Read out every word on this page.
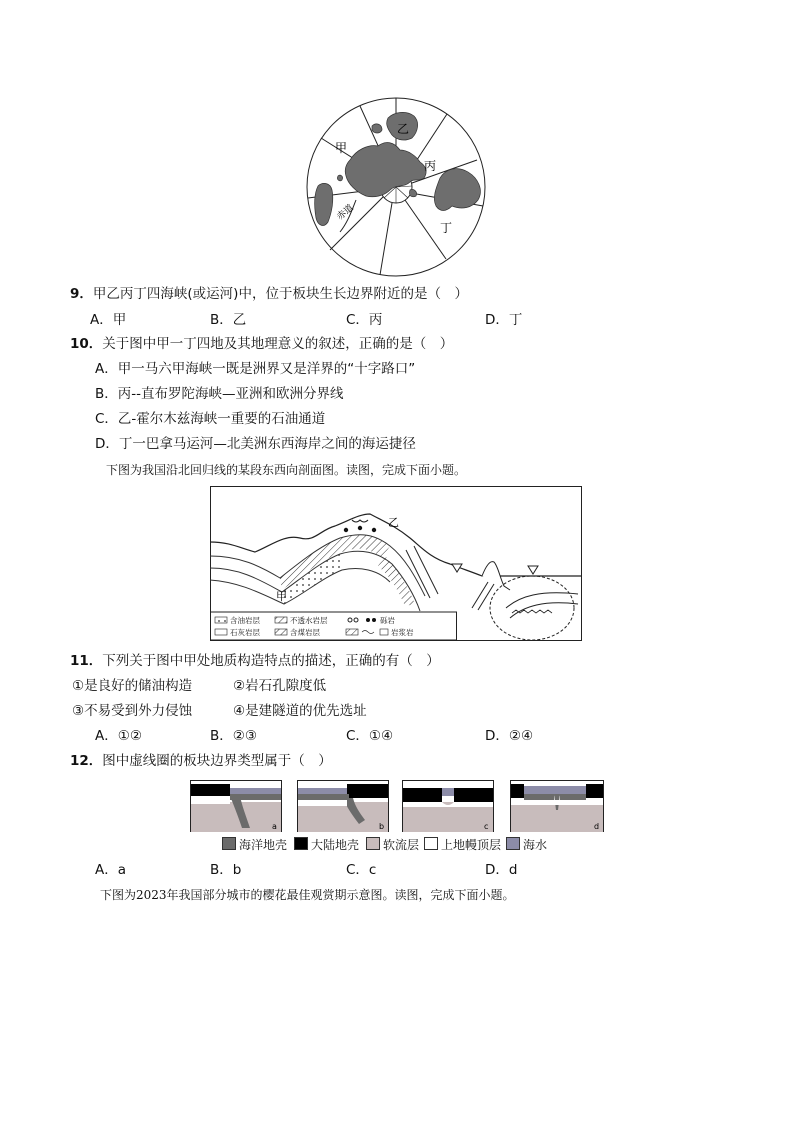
甲
乙
丙
丁
赤道
9．甲乙丙丁四海峡(或运河)中，位于板块生长边界附近的是（　）
A．甲	B．乙	C．丙	D．丁
10．关于图中甲一丁四地及其地理意义的叙述，正确的是（　）
A．甲一马六甲海峡一既是洲界又是洋界的“十字路口”
B．丙--直布罗陀海峡—亚洲和欧洲分界线
C．乙-霍尔木兹海峡一重要的石油通道
D．丁一巴拿马运河—北美洲东西海岸之间的海运捷径
下图为我国沿北回归线的某段东西向剖面图。读图，完成下面小题。
乙
甲
含油岩层	不透水岩层	砾岩
石灰岩层	含煤岩层	岩浆岩
11．下列关于图中甲处地质构造特点的描述，正确的有（　）
①是良好的储油构造	②岩石孔隙度低
③不易受到外力侵蚀	④是建隧道的优先选址
A．①②	B．②③	C．①④	D．②④
12．图中虚线圈的板块边界类型属于（　）
a	b	c	d
海洋地壳	大陆地壳	软流层	上地幔顶层	海水
A．a	B．b	C．c	D．d
下图为2023年我国部分城市的樱花最佳观赏期示意图。读图，完成下面小题。
